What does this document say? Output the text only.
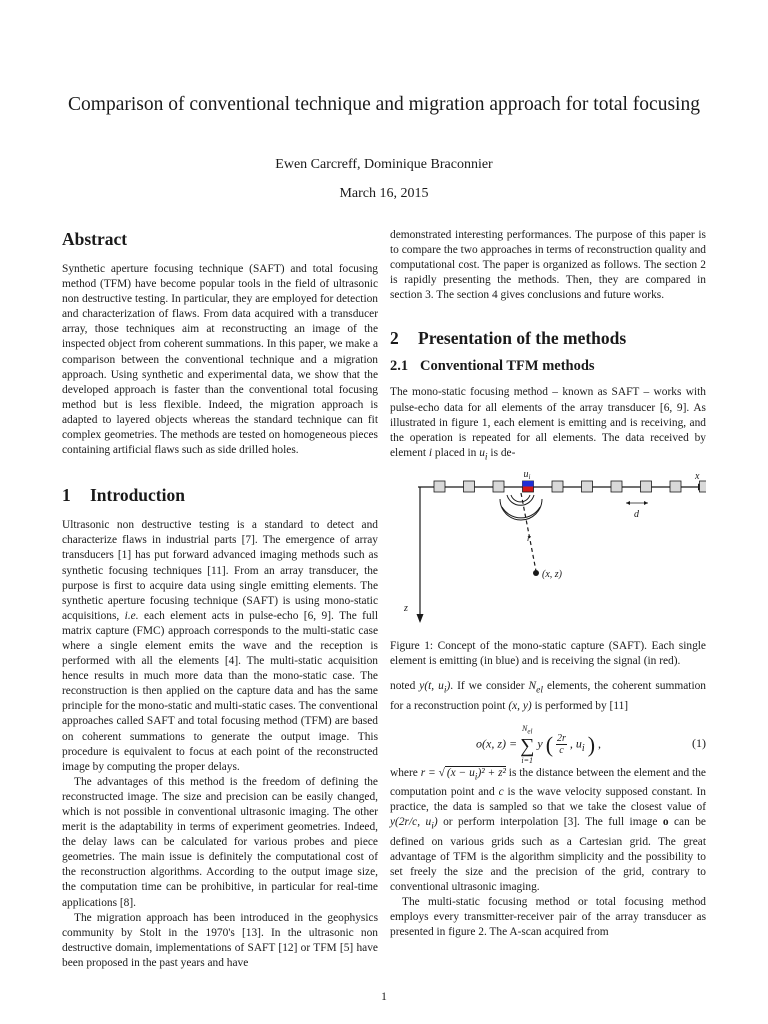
Comparison of conventional technique and migration approach for total focusing

Ewen Carcreff, Dominique Braconnier

March 16, 2015

Abstract

Synthetic aperture focusing technique (SAFT) and total focusing method (TFM) have become popular tools in the field of ultrasonic non destructive testing. In particular, they are employed for detection and characterization of flaws. From data acquired with a transducer array, those techniques aim at reconstructing an image of the inspected object from coherent summations. In this paper, we make a comparison between the conventional technique and a migration approach. Using synthetic and experimental data, we show that the developed approach is faster than the conventional total focusing method but is less flexible. Indeed, the migration approach is adapted to layered objects whereas the standard technique can fit complex geometries. The methods are tested on homogeneous pieces containing artificial flaws such as side drilled holes.

1 Introduction

Ultrasonic non destructive testing is a standard to detect and characterize flaws in industrial parts [7]. The emergence of array transducers [1] has put forward advanced imaging methods such as synthetic focusing techniques [11]. From an array transducer, the purpose is first to acquire data using single emitting elements. The synthetic aperture focusing technique (SAFT) is using mono-static acquisitions, i.e. each element acts in pulse-echo [6, 9]. The full matrix capture (FMC) approach corresponds to the multi-static case where a single element emits the wave and the reception is performed with all the elements [4]. The multi-static acquisition hence results in much more data than the mono-static case. The reconstruction is then applied on the capture data and has the same principle for the mono-static and multi-static cases. The conventional approaches called SAFT and total focusing method (TFM) are based on coherent summations to generate the output image. This procedure is equivalent to focus at each point of the reconstructed image by computing the proper delays.

The advantages of this method is the freedom of defining the reconstructed image. The size and precision can be easily changed, which is not possible in conventional ultrasonic imaging. The other merit is the adaptability in terms of experiment geometries. Indeed, the delay laws can be calculated for various probes and piece geometries. The main issue is definitely the computational cost of the reconstruction algorithms. According to the output image size, the computation time can be prohibitive, in particular for real-time applications [8].

The migration approach has been introduced in the geophysics community by Stolt in the 1970's [13]. In the ultrasonic non destructive domain, implementations of SAFT [12] or TFM [5] have been proposed in the past years and have

demonstrated interesting performances. The purpose of this paper is to compare the two approaches in terms of reconstruction quality and computational cost. The paper is organized as follows. The section 2 is rapidly presenting the methods. Then, they are compared in section 3. The section 4 gives conclusions and future works.

2 Presentation of the methods
2.1 Conventional TFM methods

The mono-static focusing method – known as SAFT – works with pulse-echo data for all elements of the array transducer [6, 9]. As illustrated in figure 1, each element is emitting and is receiving, and the operation is repeated for all elements. The data received by element i placed in $u_i$ is de-

$u_i$	x
z
d
r
(x, z)

Figure 1: Concept of the mono-static capture (SAFT). Each single element is emitting (in blue) and is receiving the signal (in red).

noted y(t, $u_i$). If we consider $N_{el}$ elements, the coherent summation for a reconstruction point (x, y) is performed by [11]

o(x, z) =
$N_{el}$
∑
i=1
y ( $\frac{2r}{c}$ , $u_i$ ) ,	(1)

where r = √ $(x - u_i)^2 + z^2$ is the distance between the element and the computation point and c is the wave velocity supposed constant. In practice, the data is sampled so that we take the closest value of y(2r/c, $u_i$) or perform interpolation [3]. The full image o can be defined on various grids such as a Cartesian grid. The great advantage of TFM is the algorithm simplicity and the possibility to set freely the size and the precision of the grid, contrary to conventional ultrasonic imaging.

The multi-static focusing method or total focusing method employs every transmitter-receiver pair of the array transducer as presented in figure 2. The A-scan acquired from

1
